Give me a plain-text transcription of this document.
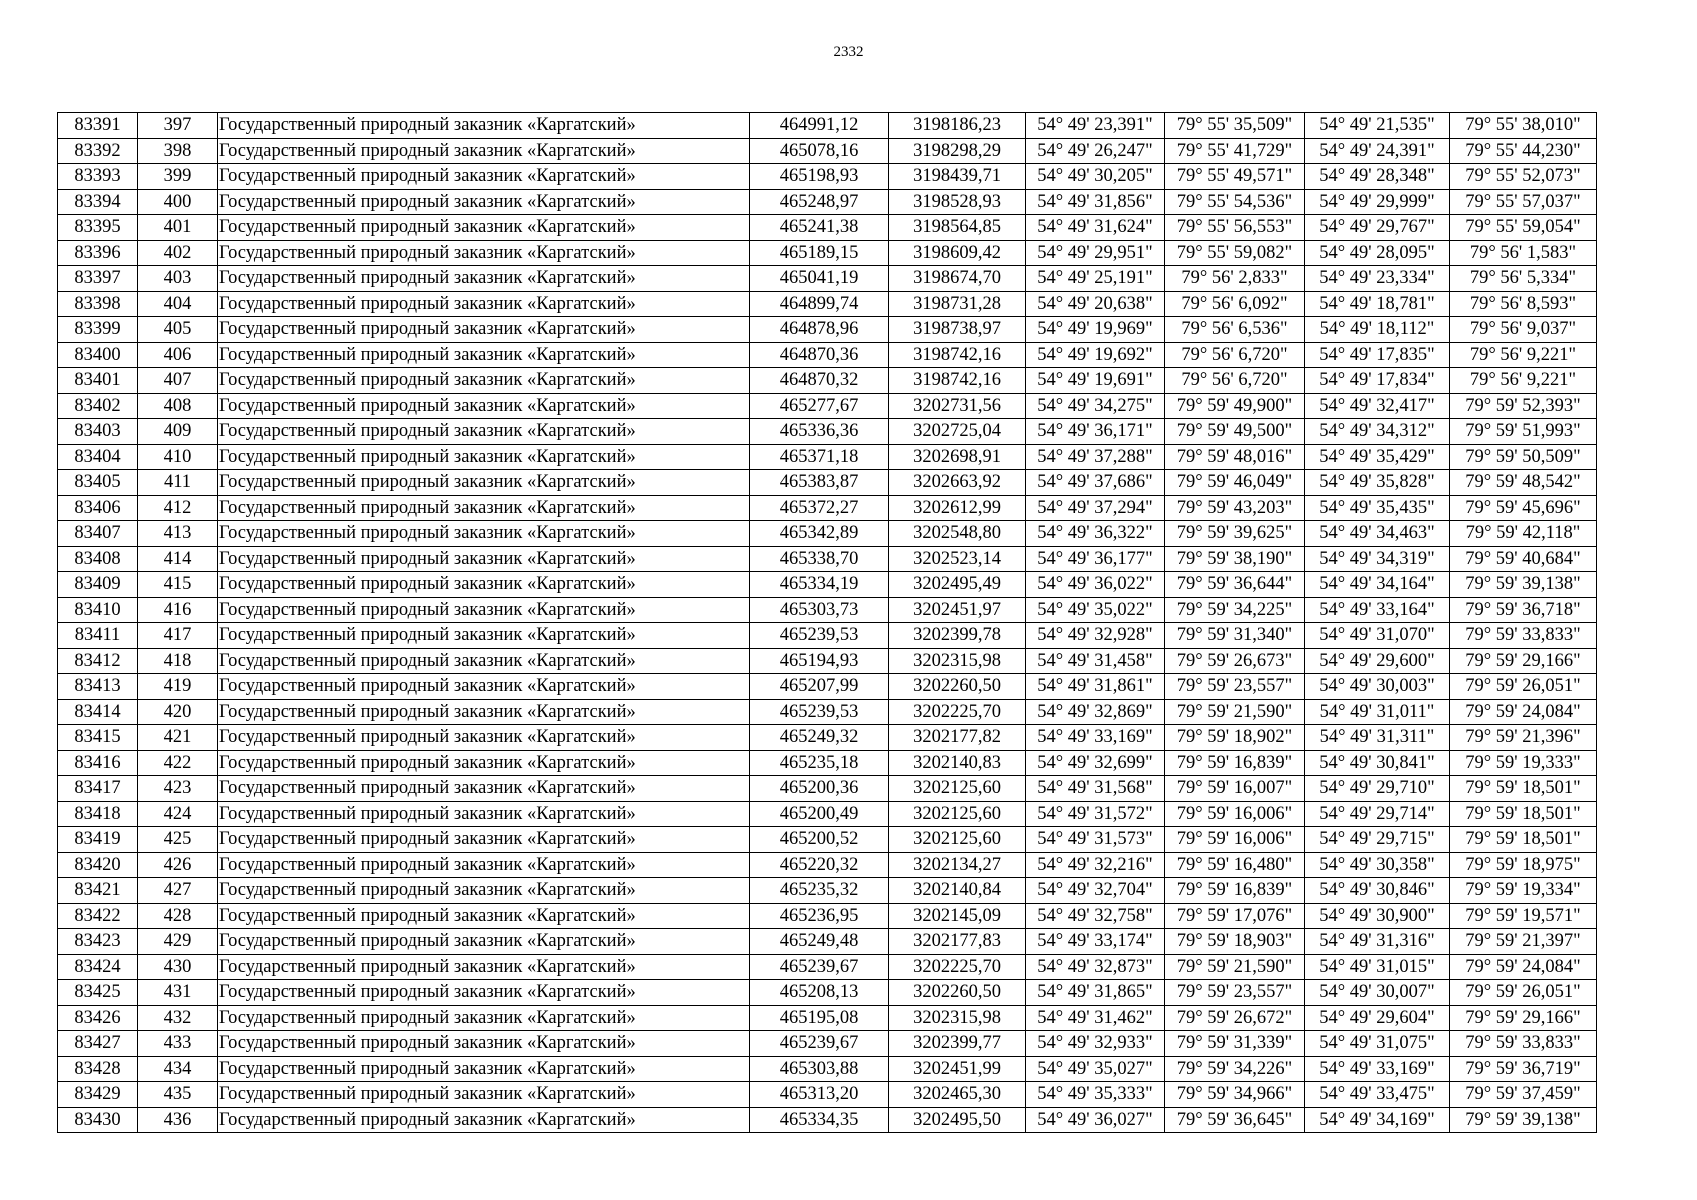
2332
83391	397	Государственный природный заказник «Каргатский»	464991,12	3198186,23	54° 49' 23,391"	79° 55' 35,509"	54° 49' 21,535"	79° 55' 38,010"
83392	398	Государственный природный заказник «Каргатский»	465078,16	3198298,29	54° 49' 26,247"	79° 55' 41,729"	54° 49' 24,391"	79° 55' 44,230"
83393	399	Государственный природный заказник «Каргатский»	465198,93	3198439,71	54° 49' 30,205"	79° 55' 49,571"	54° 49' 28,348"	79° 55' 52,073"
83394	400	Государственный природный заказник «Каргатский»	465248,97	3198528,93	54° 49' 31,856"	79° 55' 54,536"	54° 49' 29,999"	79° 55' 57,037"
83395	401	Государственный природный заказник «Каргатский»	465241,38	3198564,85	54° 49' 31,624"	79° 55' 56,553"	54° 49' 29,767"	79° 55' 59,054"
83396	402	Государственный природный заказник «Каргатский»	465189,15	3198609,42	54° 49' 29,951"	79° 55' 59,082"	54° 49' 28,095"	79° 56' 1,583"
83397	403	Государственный природный заказник «Каргатский»	465041,19	3198674,70	54° 49' 25,191"	79° 56' 2,833"	54° 49' 23,334"	79° 56' 5,334"
83398	404	Государственный природный заказник «Каргатский»	464899,74	3198731,28	54° 49' 20,638"	79° 56' 6,092"	54° 49' 18,781"	79° 56' 8,593"
83399	405	Государственный природный заказник «Каргатский»	464878,96	3198738,97	54° 49' 19,969"	79° 56' 6,536"	54° 49' 18,112"	79° 56' 9,037"
83400	406	Государственный природный заказник «Каргатский»	464870,36	3198742,16	54° 49' 19,692"	79° 56' 6,720"	54° 49' 17,835"	79° 56' 9,221"
83401	407	Государственный природный заказник «Каргатский»	464870,32	3198742,16	54° 49' 19,691"	79° 56' 6,720"	54° 49' 17,834"	79° 56' 9,221"
83402	408	Государственный природный заказник «Каргатский»	465277,67	3202731,56	54° 49' 34,275"	79° 59' 49,900"	54° 49' 32,417"	79° 59' 52,393"
83403	409	Государственный природный заказник «Каргатский»	465336,36	3202725,04	54° 49' 36,171"	79° 59' 49,500"	54° 49' 34,312"	79° 59' 51,993"
83404	410	Государственный природный заказник «Каргатский»	465371,18	3202698,91	54° 49' 37,288"	79° 59' 48,016"	54° 49' 35,429"	79° 59' 50,509"
83405	411	Государственный природный заказник «Каргатский»	465383,87	3202663,92	54° 49' 37,686"	79° 59' 46,049"	54° 49' 35,828"	79° 59' 48,542"
83406	412	Государственный природный заказник «Каргатский»	465372,27	3202612,99	54° 49' 37,294"	79° 59' 43,203"	54° 49' 35,435"	79° 59' 45,696"
83407	413	Государственный природный заказник «Каргатский»	465342,89	3202548,80	54° 49' 36,322"	79° 59' 39,625"	54° 49' 34,463"	79° 59' 42,118"
83408	414	Государственный природный заказник «Каргатский»	465338,70	3202523,14	54° 49' 36,177"	79° 59' 38,190"	54° 49' 34,319"	79° 59' 40,684"
83409	415	Государственный природный заказник «Каргатский»	465334,19	3202495,49	54° 49' 36,022"	79° 59' 36,644"	54° 49' 34,164"	79° 59' 39,138"
83410	416	Государственный природный заказник «Каргатский»	465303,73	3202451,97	54° 49' 35,022"	79° 59' 34,225"	54° 49' 33,164"	79° 59' 36,718"
83411	417	Государственный природный заказник «Каргатский»	465239,53	3202399,78	54° 49' 32,928"	79° 59' 31,340"	54° 49' 31,070"	79° 59' 33,833"
83412	418	Государственный природный заказник «Каргатский»	465194,93	3202315,98	54° 49' 31,458"	79° 59' 26,673"	54° 49' 29,600"	79° 59' 29,166"
83413	419	Государственный природный заказник «Каргатский»	465207,99	3202260,50	54° 49' 31,861"	79° 59' 23,557"	54° 49' 30,003"	79° 59' 26,051"
83414	420	Государственный природный заказник «Каргатский»	465239,53	3202225,70	54° 49' 32,869"	79° 59' 21,590"	54° 49' 31,011"	79° 59' 24,084"
83415	421	Государственный природный заказник «Каргатский»	465249,32	3202177,82	54° 49' 33,169"	79° 59' 18,902"	54° 49' 31,311"	79° 59' 21,396"
83416	422	Государственный природный заказник «Каргатский»	465235,18	3202140,83	54° 49' 32,699"	79° 59' 16,839"	54° 49' 30,841"	79° 59' 19,333"
83417	423	Государственный природный заказник «Каргатский»	465200,36	3202125,60	54° 49' 31,568"	79° 59' 16,007"	54° 49' 29,710"	79° 59' 18,501"
83418	424	Государственный природный заказник «Каргатский»	465200,49	3202125,60	54° 49' 31,572"	79° 59' 16,006"	54° 49' 29,714"	79° 59' 18,501"
83419	425	Государственный природный заказник «Каргатский»	465200,52	3202125,60	54° 49' 31,573"	79° 59' 16,006"	54° 49' 29,715"	79° 59' 18,501"
83420	426	Государственный природный заказник «Каргатский»	465220,32	3202134,27	54° 49' 32,216"	79° 59' 16,480"	54° 49' 30,358"	79° 59' 18,975"
83421	427	Государственный природный заказник «Каргатский»	465235,32	3202140,84	54° 49' 32,704"	79° 59' 16,839"	54° 49' 30,846"	79° 59' 19,334"
83422	428	Государственный природный заказник «Каргатский»	465236,95	3202145,09	54° 49' 32,758"	79° 59' 17,076"	54° 49' 30,900"	79° 59' 19,571"
83423	429	Государственный природный заказник «Каргатский»	465249,48	3202177,83	54° 49' 33,174"	79° 59' 18,903"	54° 49' 31,316"	79° 59' 21,397"
83424	430	Государственный природный заказник «Каргатский»	465239,67	3202225,70	54° 49' 32,873"	79° 59' 21,590"	54° 49' 31,015"	79° 59' 24,084"
83425	431	Государственный природный заказник «Каргатский»	465208,13	3202260,50	54° 49' 31,865"	79° 59' 23,557"	54° 49' 30,007"	79° 59' 26,051"
83426	432	Государственный природный заказник «Каргатский»	465195,08	3202315,98	54° 49' 31,462"	79° 59' 26,672"	54° 49' 29,604"	79° 59' 29,166"
83427	433	Государственный природный заказник «Каргатский»	465239,67	3202399,77	54° 49' 32,933"	79° 59' 31,339"	54° 49' 31,075"	79° 59' 33,833"
83428	434	Государственный природный заказник «Каргатский»	465303,88	3202451,99	54° 49' 35,027"	79° 59' 34,226"	54° 49' 33,169"	79° 59' 36,719"
83429	435	Государственный природный заказник «Каргатский»	465313,20	3202465,30	54° 49' 35,333"	79° 59' 34,966"	54° 49' 33,475"	79° 59' 37,459"
83430	436	Государственный природный заказник «Каргатский»	465334,35	3202495,50	54° 49' 36,027"	79° 59' 36,645"	54° 49' 34,169"	79° 59' 39,138"
